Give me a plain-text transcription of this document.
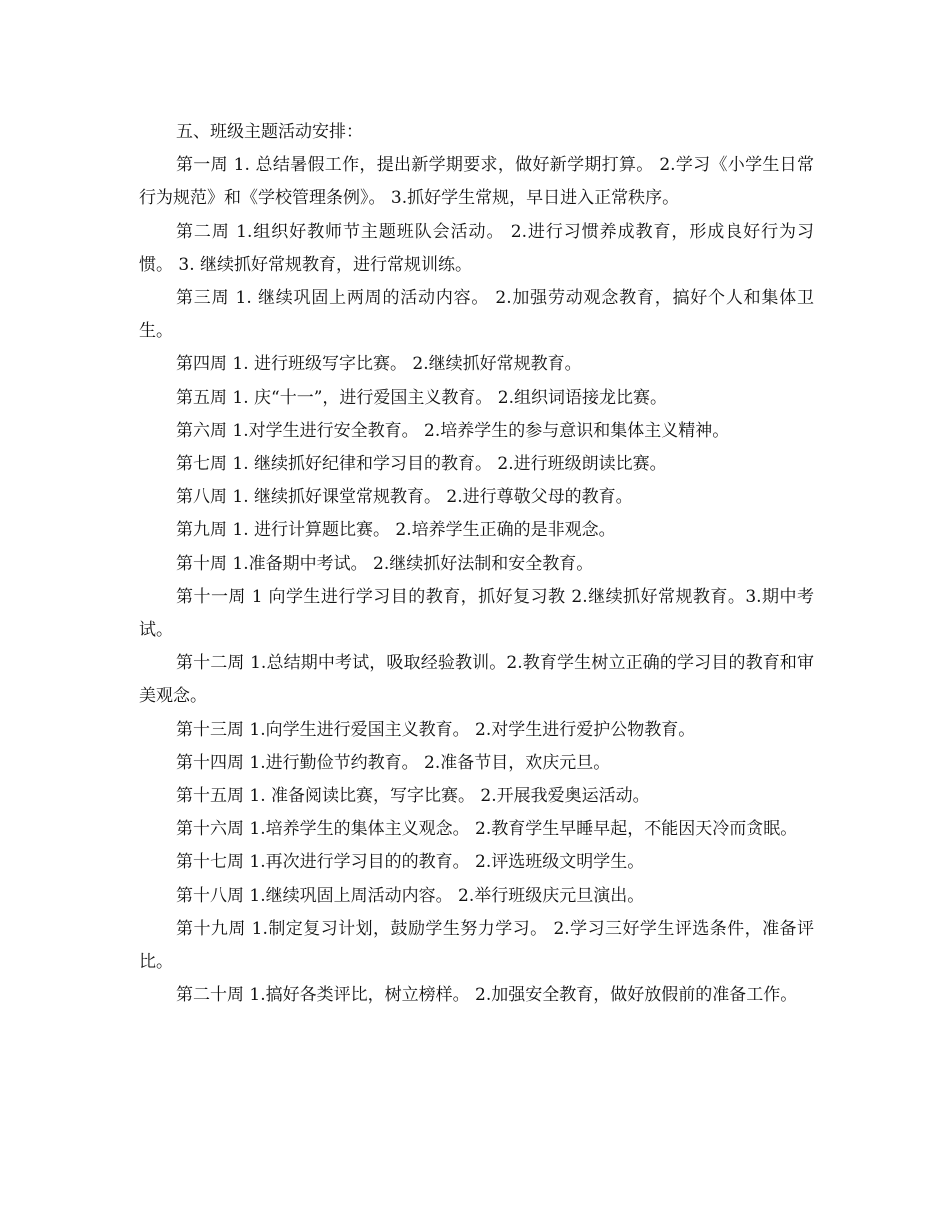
五、班级主题活动安排：

第一周 1. 总结暑假工作，提出新学期要求，做好新学期打算。 2.学习《小学生日常行为规范》和《学校管理条例》。 3.抓好学生常规，早日进入正常秩序。

第二周 1.组织好教师节主题班队会活动。 2.进行习惯养成教育，形成良好行为习惯。 3. 继续抓好常规教育，进行常规训练。

第三周 1. 继续巩固上两周的活动内容。 2.加强劳动观念教育，搞好个人和集体卫生。

第四周 1. 进行班级写字比赛。 2.继续抓好常规教育。

第五周 1. 庆“十一”，进行爱国主义教育。 2.组织词语接龙比赛。

第六周 1.对学生进行安全教育。 2.培养学生的参与意识和集体主义精神。

第七周 1. 继续抓好纪律和学习目的教育。 2.进行班级朗读比赛。

第八周 1. 继续抓好课堂常规教育。 2.进行尊敬父母的教育。

第九周 1. 进行计算题比赛。 2.培养学生正确的是非观念。

第十周 1.准备期中考试。 2.继续抓好法制和安全教育。

第十一周 1 向学生进行学习目的教育，抓好复习教 2.继续抓好常规教育。3.期中考试。

第十二周 1.总结期中考试，吸取经验教训。2.教育学生树立正确的学习目的教育和审美观念。

第十三周 1.向学生进行爱国主义教育。 2.对学生进行爱护公物教育。

第十四周 1.进行勤俭节约教育。 2.准备节目，欢庆元旦。

第十五周 1. 准备阅读比赛，写字比赛。 2.开展我爱奥运活动。

第十六周 1.培养学生的集体主义观念。 2.教育学生早睡早起，不能因天冷而贪眠。

第十七周 1.再次进行学习目的的教育。 2.评选班级文明学生。

第十八周 1.继续巩固上周活动内容。 2.举行班级庆元旦演出。

第十九周 1.制定复习计划，鼓励学生努力学习。 2.学习三好学生评选条件，准备评比。

第二十周 1.搞好各类评比，树立榜样。 2.加强安全教育，做好放假前的准备工作。
